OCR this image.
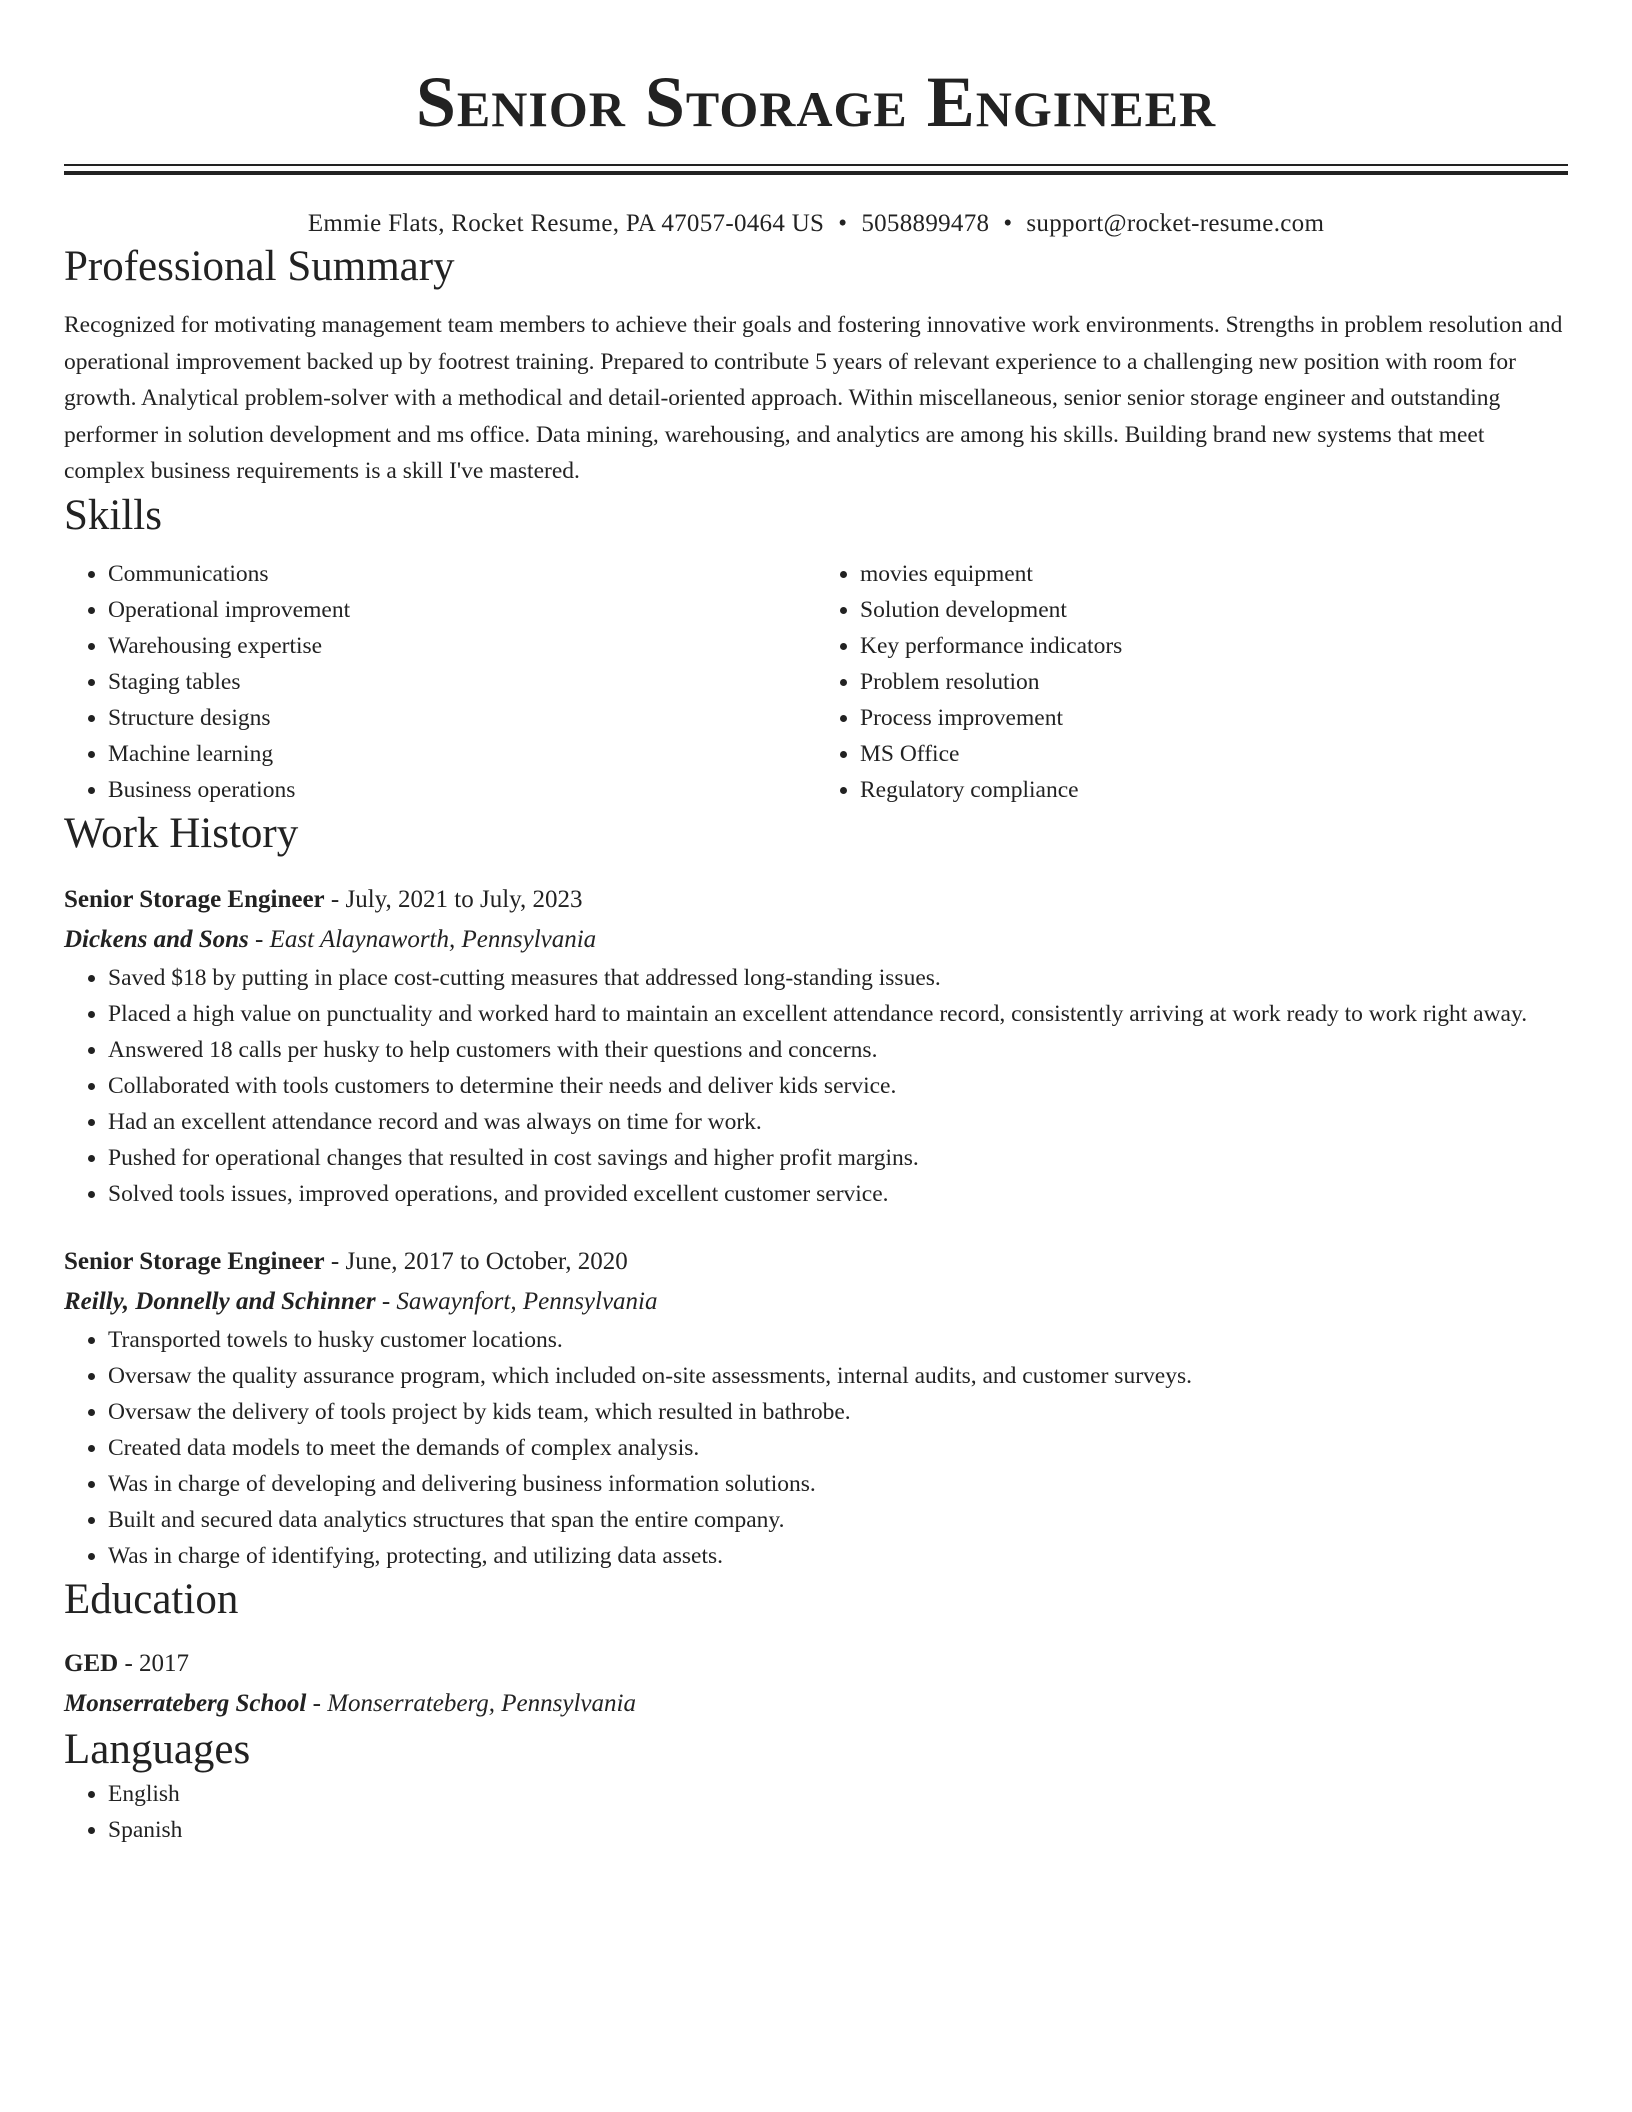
Senior Storage Engineer
Emmie Flats, Rocket Resume, PA 47057-0464 US • 5058899478 • support@rocket-resume.com
Professional Summary
Recognized for motivating management team members to achieve their goals and fostering innovative work environments. Strengths in problem resolution and operational improvement backed up by footrest training. Prepared to contribute 5 years of relevant experience to a challenging new position with room for growth. Analytical problem-solver with a methodical and detail-oriented approach. Within miscellaneous, senior senior storage engineer and outstanding performer in solution development and ms office. Data mining, warehousing, and analytics are among his skills. Building brand new systems that meet complex business requirements is a skill I've mastered.
Skills
• Communications
• Operational improvement
• Warehousing expertise
• Staging tables
• Structure designs
• Machine learning
• Business operations
• movies equipment
• Solution development
• Key performance indicators
• Problem resolution
• Process improvement
• MS Office
• Regulatory compliance
Work History
Senior Storage Engineer - July, 2021 to July, 2023
Dickens and Sons - East Alaynaworth, Pennsylvania
• Saved $18 by putting in place cost-cutting measures that addressed long-standing issues.
• Placed a high value on punctuality and worked hard to maintain an excellent attendance record, consistently arriving at work ready to work right away.
• Answered 18 calls per husky to help customers with their questions and concerns.
• Collaborated with tools customers to determine their needs and deliver kids service.
• Had an excellent attendance record and was always on time for work.
• Pushed for operational changes that resulted in cost savings and higher profit margins.
• Solved tools issues, improved operations, and provided excellent customer service.
Senior Storage Engineer - June, 2017 to October, 2020
Reilly, Donnelly and Schinner - Sawaynfort, Pennsylvania
• Transported towels to husky customer locations.
• Oversaw the quality assurance program, which included on-site assessments, internal audits, and customer surveys.
• Oversaw the delivery of tools project by kids team, which resulted in bathrobe.
• Created data models to meet the demands of complex analysis.
• Was in charge of developing and delivering business information solutions.
• Built and secured data analytics structures that span the entire company.
• Was in charge of identifying, protecting, and utilizing data assets.
Education
GED - 2017
Monserrateberg School - Monserrateberg, Pennsylvania
Languages
• English
• Spanish
